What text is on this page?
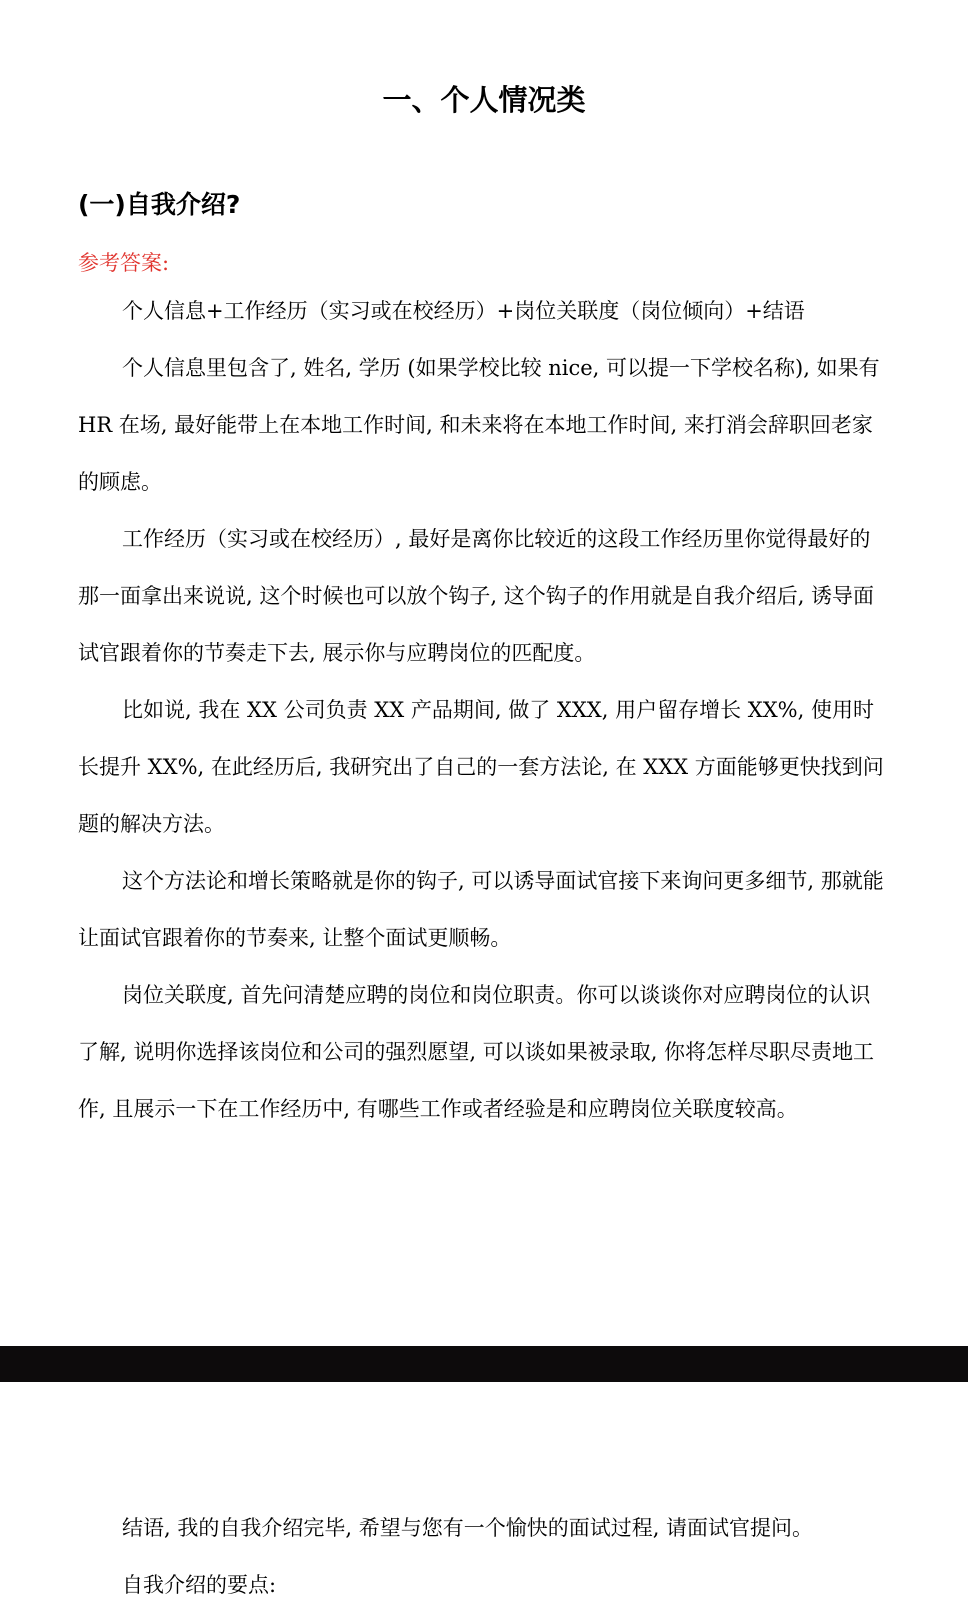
一、个人情况类
(一)自我介绍?
参考答案:

个人信息+工作经历（实习或在校经历）+岗位关联度（岗位倾向）+结语

个人信息里包含了, 姓名, 学历 (如果学校比较 nice, 可以提一下学校名称), 如果有 HR 在场, 最好能带上在本地工作时间, 和未来将在本地工作时间, 来打消会辞职回老家的顾虑。

工作经历（实习或在校经历）, 最好是离你比较近的这段工作经历里你觉得最好的那一面拿出来说说, 这个时候也可以放个钩子, 这个钩子的作用就是自我介绍后, 诱导面试官跟着你的节奏走下去, 展示你与应聘岗位的匹配度。

比如说, 我在 XX 公司负责 XX 产品期间, 做了 XXX, 用户留存增长 XX%, 使用时长提升 XX%, 在此经历后, 我研究出了自己的一套方法论, 在 XXX 方面能够更快找到问题的解决方法。

这个方法论和增长策略就是你的钩子, 可以诱导面试官接下来询问更多细节, 那就能让面试官跟着你的节奏来, 让整个面试更顺畅。

岗位关联度, 首先问清楚应聘的岗位和岗位职责。你可以谈谈你对应聘岗位的认识了解, 说明你选择该岗位和公司的强烈愿望, 可以谈如果被录取, 你将怎样尽职尽责地工作, 且展示一下在工作经历中, 有哪些工作或者经验是和应聘岗位关联度较高。

结语, 我的自我介绍完毕, 希望与您有一个愉快的面试过程, 请面试官提问。

自我介绍的要点:
